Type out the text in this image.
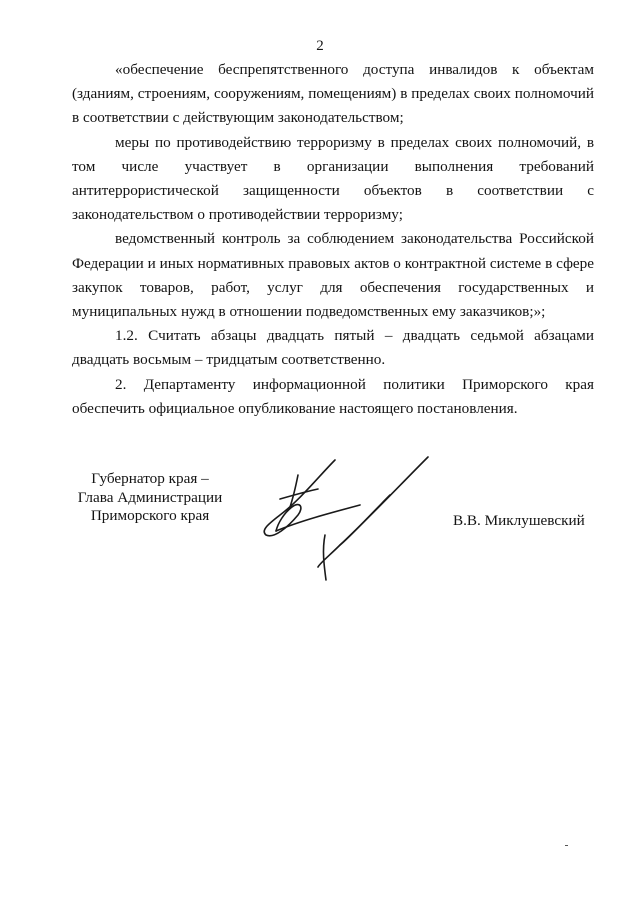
2

«обеспечение беспрепятственного доступа инвалидов к объектам (зданиям, строениям, сооружениям, помещениям) в пределах своих полномочий в соответствии с действующим законодательством;

меры по противодействию терроризму в пределах своих полномочий, в том числе участвует в организации выполнения требований антитеррористической защищенности объектов в соответствии с законодательством о противодействии терроризму;

ведомственный контроль за соблюдением законодательства Российской Федерации и иных нормативных правовых актов о контрактной системе в сфере закупок товаров, работ, услуг для обеспечения государственных и муниципальных нужд в отношении подведомственных ему заказчиков;»;

1.2. Считать абзацы двадцать пятый – двадцать седьмой абзацами двадцать восьмым – тридцатым соответственно.

2. Департаменту информационной политики Приморского края обеспечить официальное опубликование настоящего постановления.

Губернатор края –
Глава Администрации
Приморского края	В.В. Миклушевский
